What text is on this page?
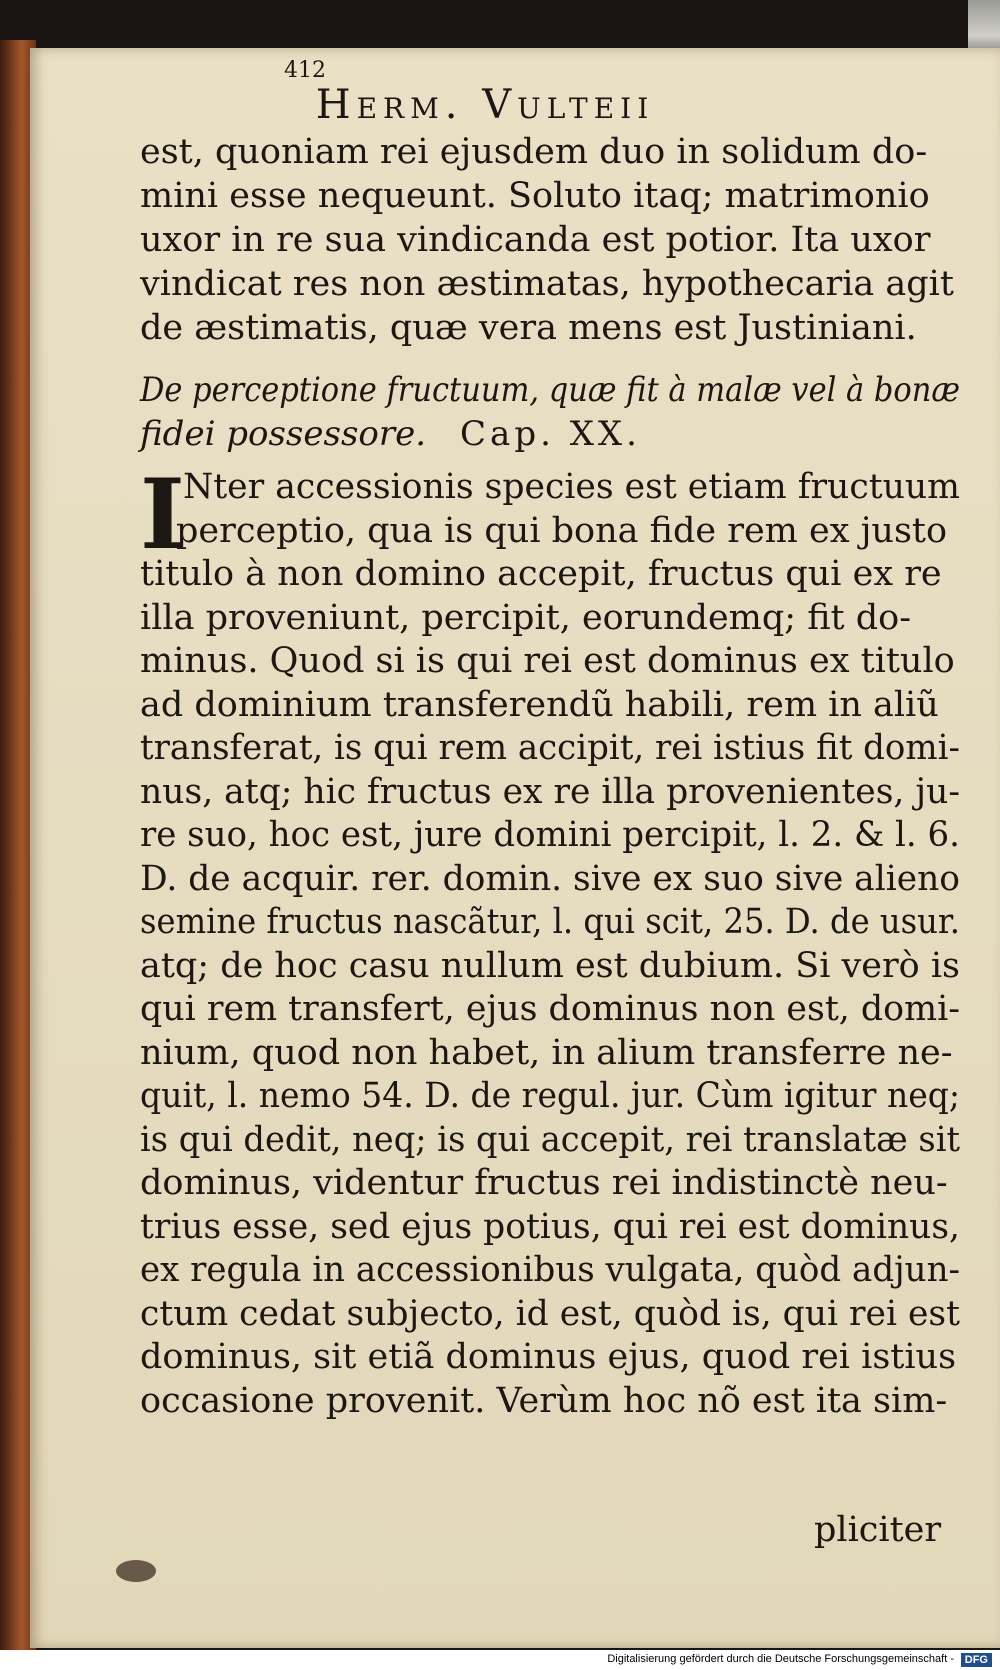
412
Herm. Vulteii
est, quoniam rei ejusdem duo in solidum do-
mini esse nequeunt. Soluto itaq; matrimonio
uxor in re sua vindicanda est potior. Ita uxor
vindicat res non æstimatas, hypothecaria agit
de æstimatis, quæ vera mens est Justiniani.
De perceptione fructuum, quæ fit à malæ vel à bonæ
fidei possessore. Cap. XX.
I
Nter accessionis species est etiam fructuum
perceptio, qua is qui bona fide rem ex justo
titulo à non domino accepit, fructus qui ex re
illa proveniunt, percipit, eorundemq; fit do-
minus. Quod si is qui rei est dominus ex titulo
ad dominium transferendũ habili, rem in aliũ
transferat, is qui rem accipit, rei istius fit domi-
nus, atq; hic fructus ex re illa provenientes, ju-
re suo, hoc est, jure domini percipit, l. 2. & l. 6.
D. de acquir. rer. domin. sive ex suo sive alieno
semine fructus nascãtur, l. qui scit, 25. D. de usur.
atq; de hoc casu nullum est dubium. Si verò is
qui rem transfert, ejus dominus non est, domi-
nium, quod non habet, in alium transferre ne-
quit, l. nemo 54. D. de regul. jur. Cùm igitur neq;
is qui dedit, neq; is qui accepit, rei translatæ sit
dominus, videntur fructus rei indistinctè neu-
trius esse, sed ejus potius, qui rei est dominus,
ex regula in accessionibus vulgata, quòd adjun-
ctum cedat subjecto, id est, quòd is, qui rei est
dominus, sit etiã dominus ejus, quod rei istius
occasione provenit. Verùm hoc nõ est ita sim-
pliciter
Digitalisierung gefördert durch die Deutsche Forschungsgemeinschaft - DFG
